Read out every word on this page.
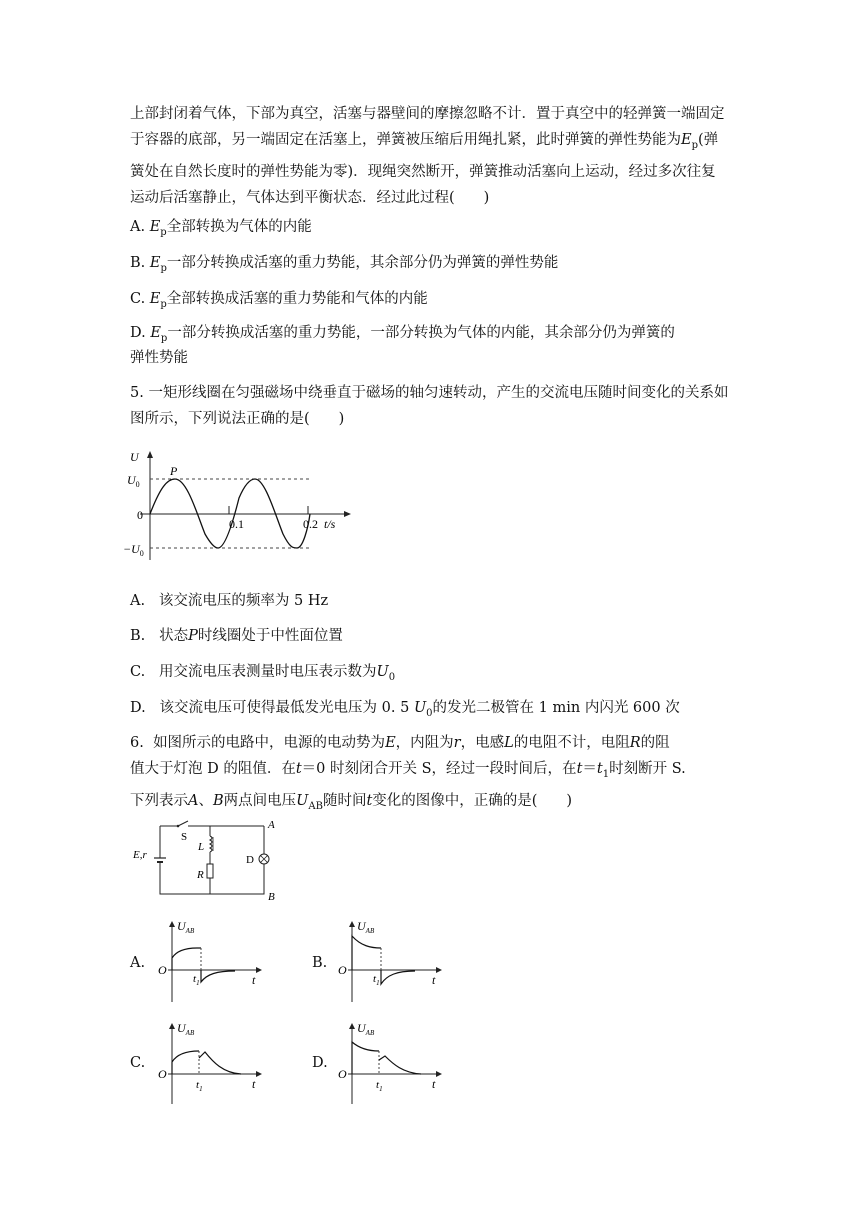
上部封闭着气体，下部为真空，活塞与器壁间的摩擦忽略不计．置于真空中的轻弹簧一端固定于容器的底部，另一端固定在活塞上，弹簧被压缩后用绳扎紧，此时弹簧的弹性势能为$E_p$(弹簧处在自然长度时的弹性势能为零)．现绳突然断开，弹簧推动活塞向上运动，经过多次往复运动后活塞静止，气体达到平衡状态．经过此过程(　　)

A. $E_p$全部转换为气体的内能

B. $E_p$一部分转换成活塞的重力势能，其余部分仍为弹簧的弹性势能

C. $E_p$全部转换成活塞的重力势能和气体的内能

D. $E_p$一部分转换成活塞的重力势能，一部分转换为气体的内能，其余部分仍为弹簧的

弹性势能

5. 一矩形线圈在匀强磁场中绕垂直于磁场的轴匀速转动，产生的交流电压随时间变化的关系如图所示，下列说法正确的是(　　)

U
$U_0$
$-U_0$
0
P
0.1	0.2 t/s

A. 该交流电压的频率为 5 Hz

B. 状态P时线圈处于中性面位置

C. 用交流电压表测量时电压表示数为$U_0$

D. 该交流电压可使得最低发光电压为 0. 5 $U_0$的发光二极管在 1 min 内闪光 600 次

6. 如图所示的电路中，电源的电动势为E，内阻为r，电感L的电阻不计，电阻R的阻
值大于灯泡 D 的阻值．在t＝0 时刻闭合开关 S，经过一段时间后，在$t=t_1$时刻断开 S.
下列表示A、B两点间电压$U_{AB}$随时间t变化的图像中，正确的是(　　)

A
B
S
L
R
D
E,r
A.
$U_{AB}$
O
$t_1$	t
B.
$U_{AB}$
O
$t_1$	t
C.
$U_{AB}$
O
$t_1$	t
D.
$U_{AB}$
O
$t_1$	t
